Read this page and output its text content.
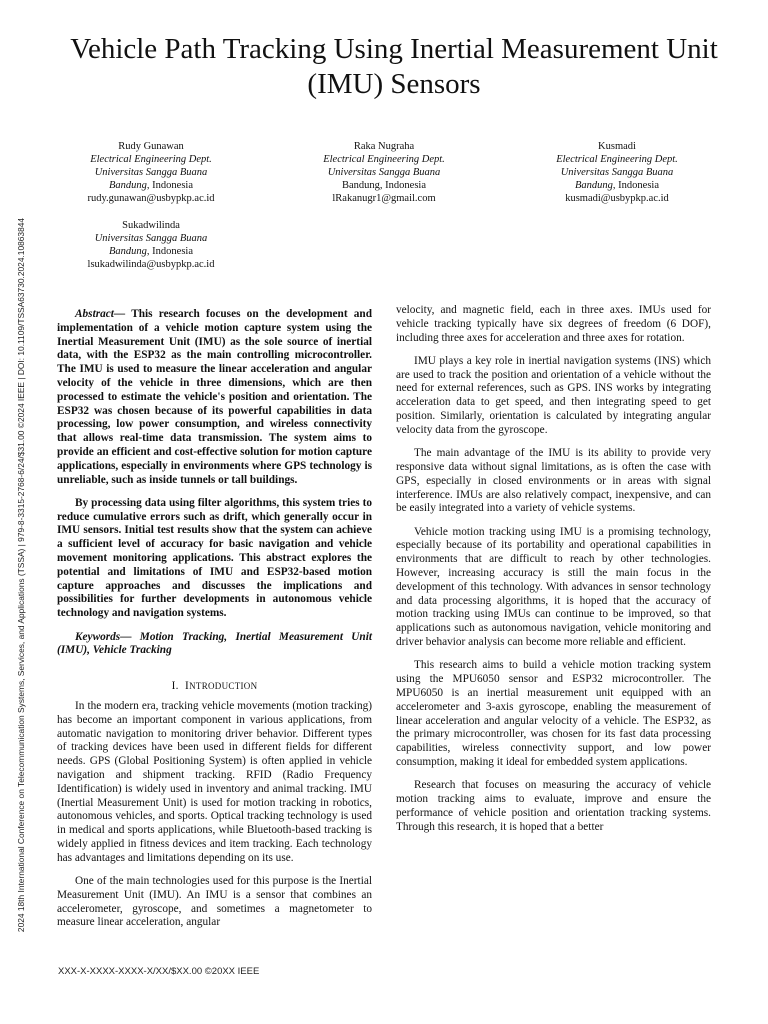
2024 18th International Conference on Telecommunication Systems, Services, and Applications (TSSA) | 979-8-3315-2768-6/24/$31.00 ©2024 IEEE | DOI: 10.1109/TSSA63730.2024.10863844
Vehicle Path Tracking Using Inertial Measurement Unit (IMU) Sensors
Rudy Gunawan
Electrical Engineering Dept.
Universitas Sangga Buana
Bandung, Indonesia
rudy.gunawan@usbypkp.ac.id
Raka Nugraha
Electrical Engineering Dept.
Universitas Sangga Buana
Bandung, Indonesia
lRakanugr1@gmail.com
Kusmadi
Electrical Engineering Dept.
Universitas Sangga Buana
Bandung, Indonesia
kusmadi@usbypkp.ac.id
Sukadwilinda
Universitas Sangga Buana
Bandung, Indonesia
lsukadwilinda@usbypkp.ac.id

Abstract— This research focuses on the development and implementation of a vehicle motion capture system using the Inertial Measurement Unit (IMU) as the sole source of inertial data, with the ESP32 as the main controlling microcontroller. The IMU is used to measure the linear acceleration and angular velocity of the vehicle in three dimensions, which are then processed to estimate the vehicle's position and orientation. The ESP32 was chosen because of its powerful capabilities in data processing, low power consumption, and wireless connectivity that allows real-time data transmission. The system aims to provide an efficient and cost-effective solution for motion capture applications, especially in environments where GPS technology is unreliable, such as inside tunnels or tall buildings.

By processing data using filter algorithms, this system tries to reduce cumulative errors such as drift, which generally occur in IMU sensors. Initial test results show that the system can achieve a sufficient level of accuracy for basic navigation and vehicle movement monitoring applications. This abstract explores the potential and limitations of IMU and ESP32-based motion capture approaches and discusses the implications and possibilities for further developments in autonomous vehicle technology and navigation systems.

Keywords— Motion Tracking, Inertial Measurement Unit (IMU), Vehicle Tracking

I. INTRODUCTION

In the modern era, tracking vehicle movements (motion tracking) has become an important component in various applications, from automatic navigation to monitoring driver behavior. Different types of tracking devices have been used in different fields for different needs. GPS (Global Positioning System) is often applied in vehicle navigation and shipment tracking. RFID (Radio Frequency Identification) is widely used in inventory and animal tracking. IMU (Inertial Measurement Unit) is used for motion tracking in robotics, autonomous vehicles, and sports. Optical tracking technology is used in medical and sports applications, while Bluetooth-based tracking is widely applied in fitness devices and item tracking. Each technology has advantages and limitations depending on its use.

One of the main technologies used for this purpose is the Inertial Measurement Unit (IMU). An IMU is a sensor that combines an accelerometer, gyroscope, and sometimes a magnetometer to measure linear acceleration, angular

velocity, and magnetic field, each in three axes. IMUs used for vehicle tracking typically have six degrees of freedom (6 DOF), including three axes for acceleration and three axes for rotation.

IMU plays a key role in inertial navigation systems (INS) which are used to track the position and orientation of a vehicle without the need for external references, such as GPS. INS works by integrating acceleration data to get speed, and then integrating speed to get position. Similarly, orientation is calculated by integrating angular velocity data from the gyroscope.

The main advantage of the IMU is its ability to provide very responsive data without signal limitations, as is often the case with GPS, especially in closed environments or in areas with signal interference. IMUs are also relatively compact, inexpensive, and can be easily integrated into a variety of vehicle systems.

Vehicle motion tracking using IMU is a promising technology, especially because of its portability and operational capabilities in environments that are difficult to reach by other technologies. However, increasing accuracy is still the main focus in the development of this technology. With advances in sensor technology and data processing algorithms, it is hoped that the accuracy of motion tracking using IMUs can continue to be improved, so that applications such as autonomous navigation, vehicle monitoring and driver behavior analysis can become more reliable and efficient.

This research aims to build a vehicle motion tracking system using the MPU6050 sensor and ESP32 microcontroller. The MPU6050 is an inertial measurement unit equipped with an accelerometer and 3-axis gyroscope, enabling the measurement of linear acceleration and angular velocity of a vehicle. The ESP32, as the primary microcontroller, was chosen for its fast data processing capabilities, wireless connectivity support, and low power consumption, making it ideal for embedded system applications.

Research that focuses on measuring the accuracy of vehicle motion tracking aims to evaluate, improve and ensure the performance of vehicle position and orientation tracking systems. Through this research, it is hoped that a better

XXX-X-XXXX-XXXX-X/XX/$XX.00 ©20XX IEEE
